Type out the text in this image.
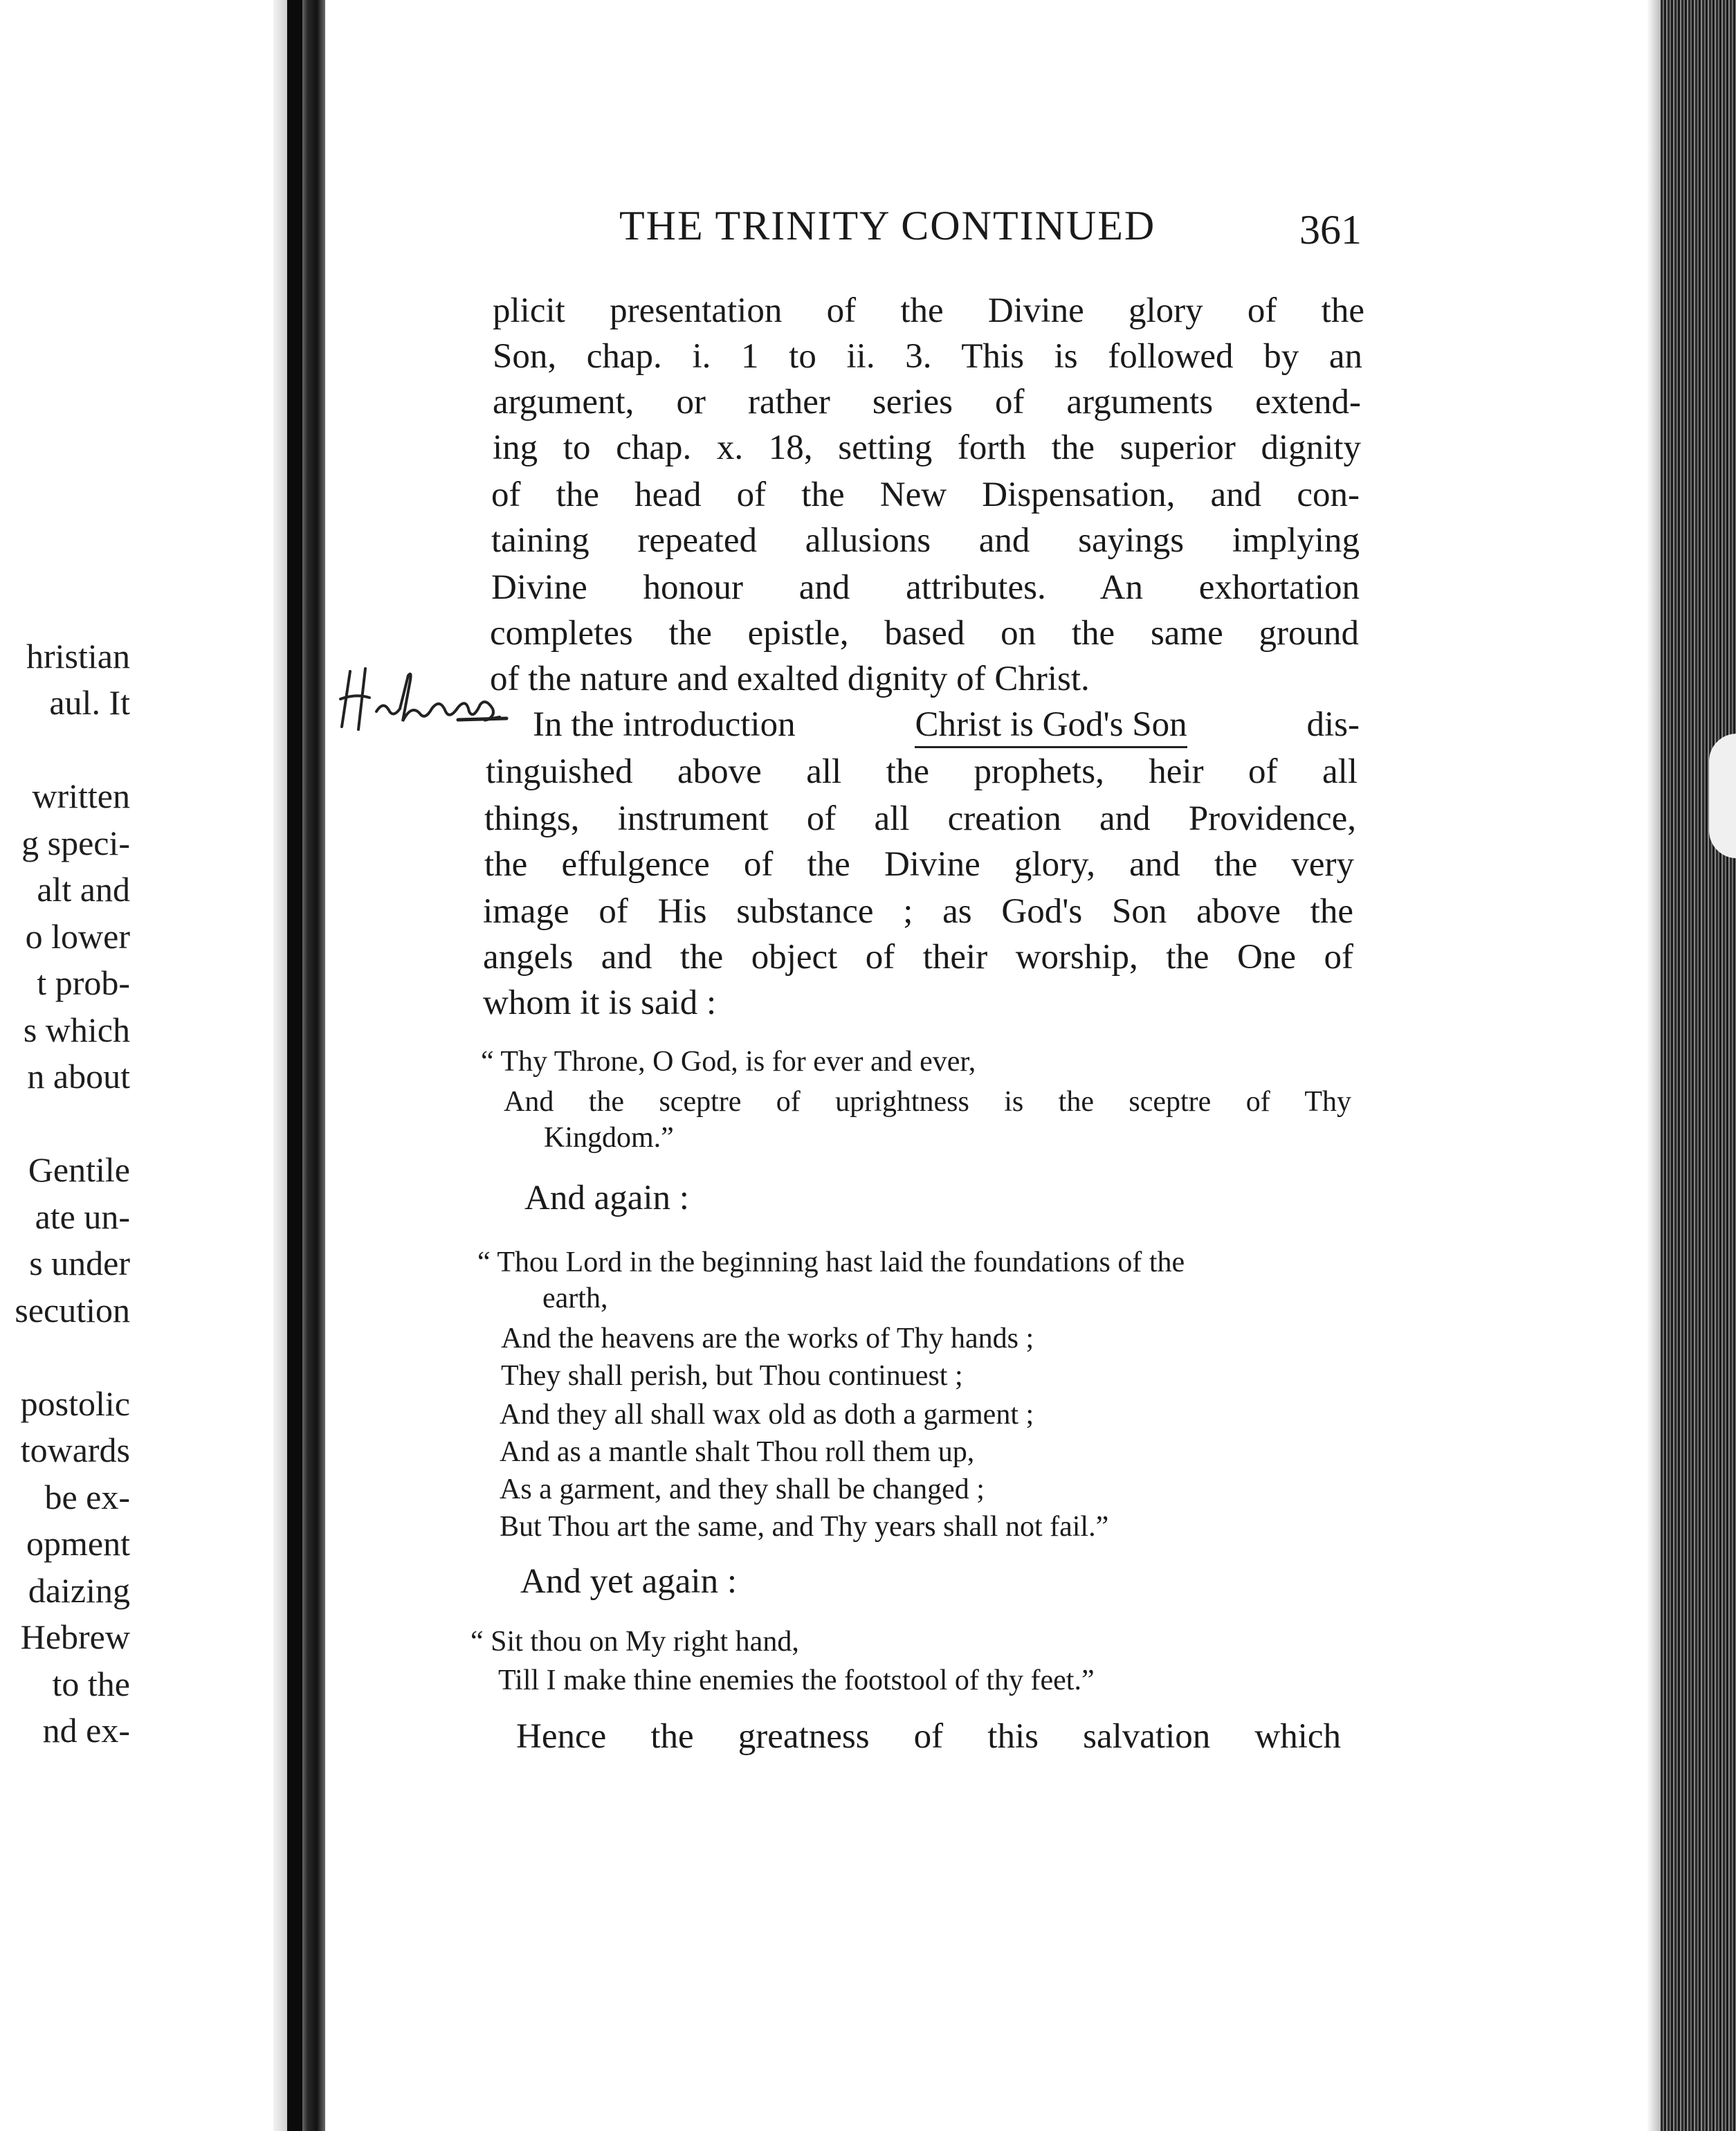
hristian
aul. It
written
g speci-
alt and
o lower
t prob-
s which
n about
Gentile
ate un-
s under
secution
postolic
towards
be ex-
opment
daizing
Hebrew
to the
nd ex-
THE TRINITY CONTINUED	361
plicit presentation of the Divine glory of the
Son, chap. i. 1 to ii. 3. This is followed by an
argument, or rather series of arguments extend-
ing to chap. x. 18, setting forth the superior dignity
of the head of the New Dispensation, and con-
taining repeated allusions and sayings implying
Divine honour and attributes. An exhortation
completes the epistle, based on the same ground
of the nature and exalted dignity of Christ.
Hebrews.	In the introduction	Christ is God's Son	dis-
tinguished above all the prophets, heir of all
things, instrument of all creation and Providence,
the effulgence of the Divine glory, and the very
image of His substance ; as God's Son above the
angels and the object of their worship, the One of
whom it is said :
“ Thy Throne, O God, is for ever and ever,
And the sceptre of uprightness is the sceptre of Thy
Kingdom.”
And again :
“ Thou Lord in the beginning hast laid the foundations of the
earth,
And the heavens are the works of Thy hands ;
They shall perish, but Thou continuest ;
And they all shall wax old as doth a garment ;
And as a mantle shalt Thou roll them up,
As a garment, and they shall be changed ;
But Thou art the same, and Thy years shall not fail.”
And yet again :
“ Sit thou on My right hand,
Till I make thine enemies the footstool of thy feet.”
Hence the greatness of this salvation which
